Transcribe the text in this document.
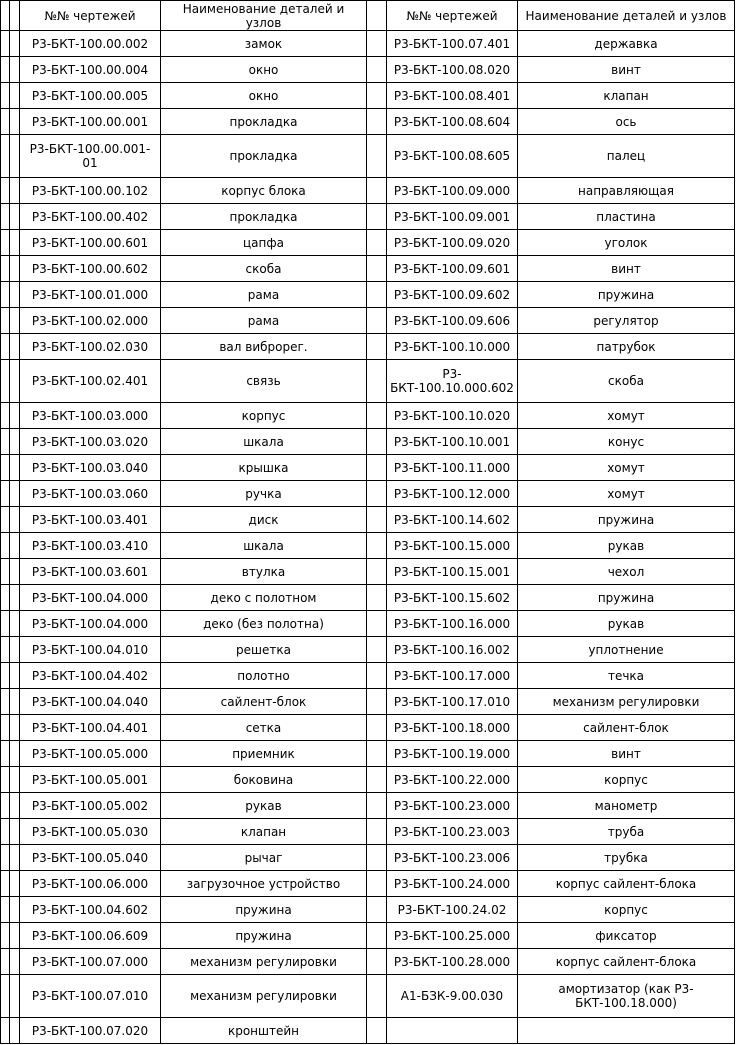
		№№ чертежей	Наименование деталей и узлов		№№ чертежей	Наименование деталей и узлов
		Р3-БКТ-100.00.002	замок		Р3-БКТ-100.07.401	державка
		Р3-БКТ-100.00.004	окно		Р3-БКТ-100.08.020	винт
		Р3-БКТ-100.00.005	окно		Р3-БКТ-100.08.401	клапан
		Р3-БКТ-100.00.001	прокладка		Р3-БКТ-100.08.604	ось
		Р3-БКТ-100.00.001-01	прокладка		Р3-БКТ-100.08.605	палец
		Р3-БКТ-100.00.102	корпус блока		Р3-БКТ-100.09.000	направляющая
		Р3-БКТ-100.00.402	прокладка		Р3-БКТ-100.09.001	пластина
		Р3-БКТ-100.00.601	цапфа		Р3-БКТ-100.09.020	уголок
		Р3-БКТ-100.00.602	скоба		Р3-БКТ-100.09.601	винт
		Р3-БКТ-100.01.000	рама		Р3-БКТ-100.09.602	пружина
		Р3-БКТ-100.02.000	рама		Р3-БКТ-100.09.606	регулятор
		Р3-БКТ-100.02.030	вал виброрег.		Р3-БКТ-100.10.000	патрубок
		Р3-БКТ-100.02.401	связь		Р3-БКТ-100.10.000.602	скоба
		Р3-БКТ-100.03.000	корпус		Р3-БКТ-100.10.020	хомут
		Р3-БКТ-100.03.020	шкала		Р3-БКТ-100.10.001	конус
		Р3-БКТ-100.03.040	крышка		Р3-БКТ-100.11.000	хомут
		Р3-БКТ-100.03.060	ручка		Р3-БКТ-100.12.000	хомут
		Р3-БКТ-100.03.401	диск		Р3-БКТ-100.14.602	пружина
		Р3-БКТ-100.03.410	шкала		Р3-БКТ-100.15.000	рукав
		Р3-БКТ-100.03.601	втулка		Р3-БКТ-100.15.001	чехол
		Р3-БКТ-100.04.000	деко с полотном		Р3-БКТ-100.15.602	пружина
		Р3-БКТ-100.04.000	деко (без полотна)		Р3-БКТ-100.16.000	рукав
		Р3-БКТ-100.04.010	решетка		Р3-БКТ-100.16.002	уплотнение
		Р3-БКТ-100.04.402	полотно		Р3-БКТ-100.17.000	течка
		Р3-БКТ-100.04.040	сайлент-блок		Р3-БКТ-100.17.010	механизм регулировки
		Р3-БКТ-100.04.401	сетка		Р3-БКТ-100.18.000	сайлент-блок
		Р3-БКТ-100.05.000	приемник		Р3-БКТ-100.19.000	винт
		Р3-БКТ-100.05.001	боковина		Р3-БКТ-100.22.000	корпус
		Р3-БКТ-100.05.002	рукав		Р3-БКТ-100.23.000	манометр
		Р3-БКТ-100.05.030	клапан		Р3-БКТ-100.23.003	труба
		Р3-БКТ-100.05.040	рычаг		Р3-БКТ-100.23.006	трубка
		Р3-БКТ-100.06.000	загрузочное устройство		Р3-БКТ-100.24.000	корпус сайлент-блока
		Р3-БКТ-100.04.602	пружина		Р3-БКТ-100.24.02	корпус
		Р3-БКТ-100.06.609	пружина		Р3-БКТ-100.25.000	фиксатор
		Р3-БКТ-100.07.000	механизм регулировки		Р3-БКТ-100.28.000	корпус сайлент-блока
		Р3-БКТ-100.07.010	механизм регулировки		А1-БЗК-9.00.030	амортизатор (как Р3-БКТ-100.18.000)
		Р3-БКТ-100.07.020	кронштейн			
